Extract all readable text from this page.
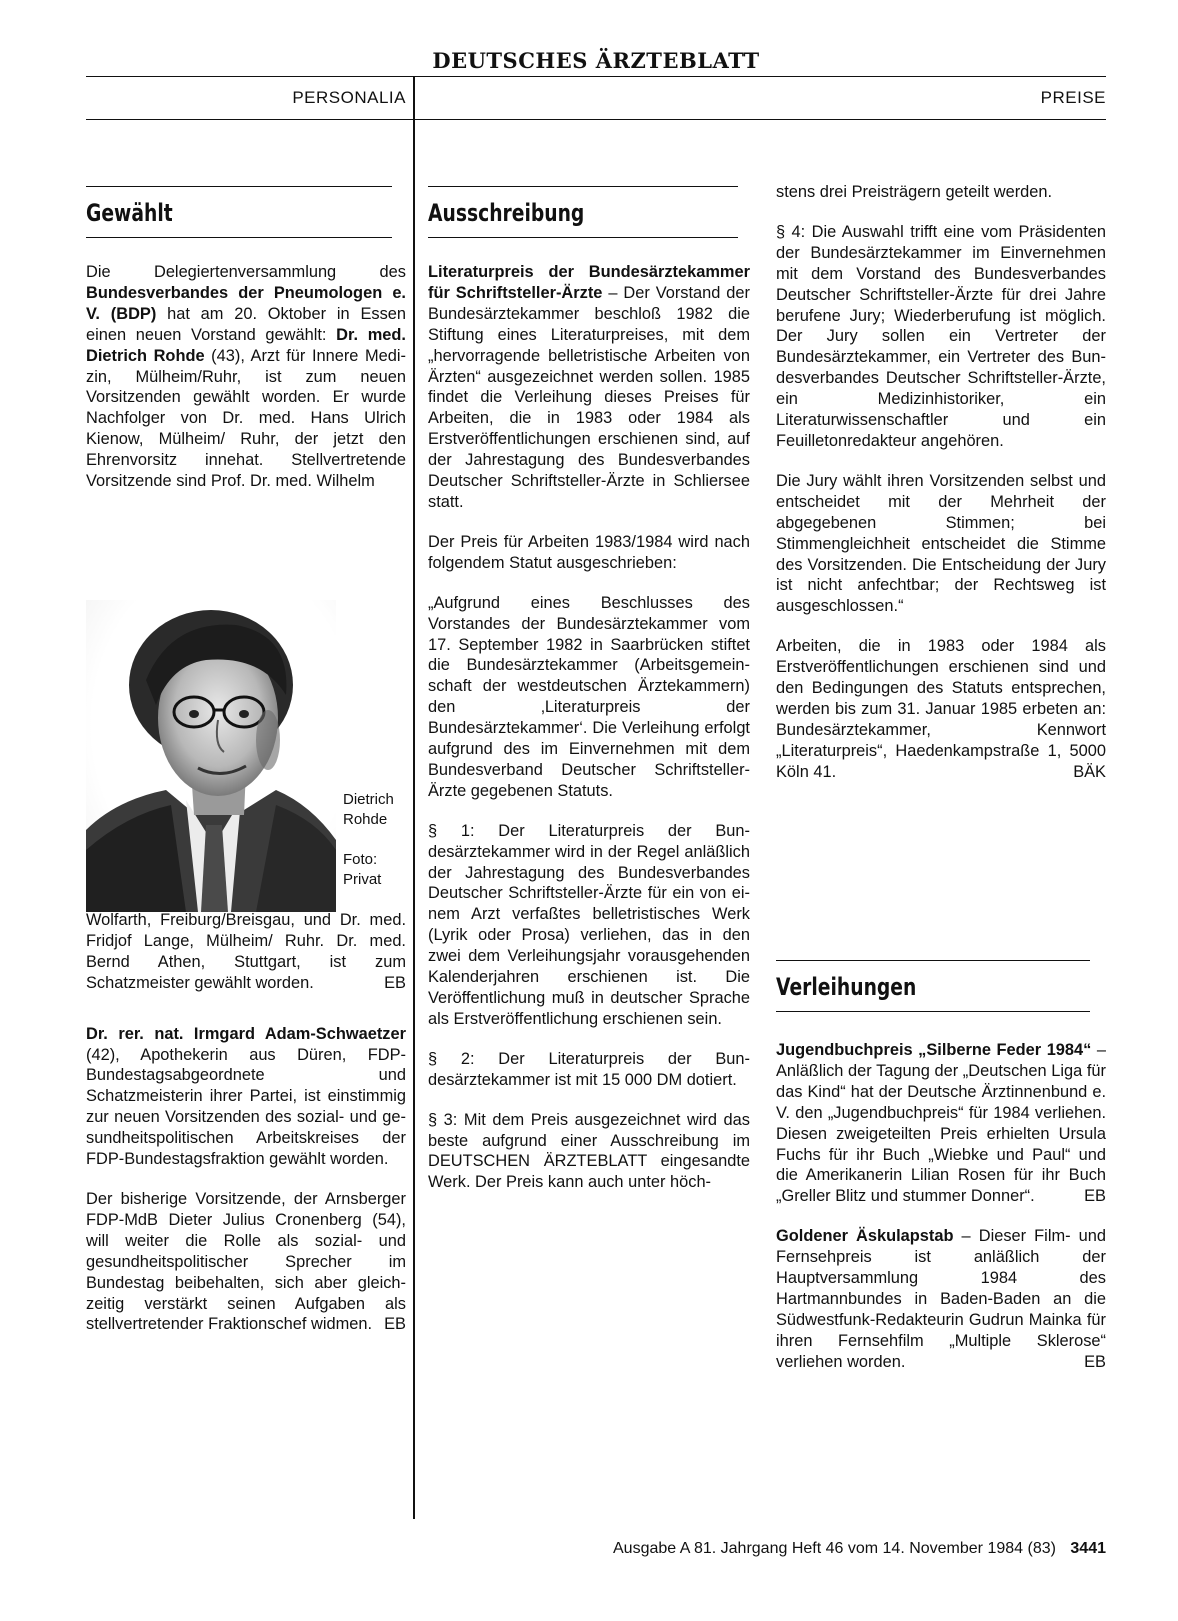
DEUTSCHES ÄRZTEBLATT
PERSONALIA	PREISE
Gewählt

Die Delegiertenversammlung des Bundesverbandes der Pneumologen e. V. (BDP) hat am 20. Oktober in Essen einen neuen Vorstand gewählt: Dr. med. Dietrich Rohde (43), Arzt für Innere Medizin, Mülheim/Ruhr, ist zum neuen Vorsitzenden gewählt worden. Er wurde Nachfolger von Dr. med. Hans Ulrich Kienow, Mülheim/ Ruhr, der jetzt den Ehrenvorsitz innehat. Stellvertretende Vorsitzende sind Prof. Dr. med. Wilhelm

Dietrich
Rohde
Foto:
Privat

Wolfarth, Freiburg/Breisgau, und Dr. med. Fridjof Lange, Mülheim/ Ruhr. Dr. med. Bernd Athen, Stuttgart, ist zum Schatzmeister gewählt worden.	EB

Dr. rer. nat. Irmgard Adam-Schwaetzer (42), Apothekerin aus Düren, FDP-Bundestagsabgeordnete und Schatzmeisterin ihrer Partei, ist einstimmig zur neuen Vorsitzenden des sozial- und gesundheitspolitischen Arbeitskreises der FDP-Bundestagsfraktion gewählt worden.

Der bisherige Vorsitzende, der Arnsberger FDP-MdB Dieter Julius Cronenberg (54), will weiter die Rolle als sozial- und gesundheitspolitischer Sprecher im Bundestag beibehalten, sich aber gleichzeitig verstärkt seinen Aufgaben als stellvertretender Fraktionschef widmen. EB

Ausschreibung

Literaturpreis der Bundesärztekammer für Schriftsteller-Ärzte – Der Vorstand der Bundesärztekammer beschloß 1982 die Stiftung eines Literaturpreises, mit dem „hervorragende belletristische Arbeiten von Ärzten“ ausgezeichnet werden sollen. 1985 findet die Verleihung dieses Preises für Arbeiten, die in 1983 oder 1984 als Erstveröffentlichungen erschienen sind, auf der Jahrestagung des Bundesverbandes Deutscher Schriftsteller-Ärzte in Schliersee statt.

Der Preis für Arbeiten 1983/1984 wird nach folgendem Statut ausgeschrieben:

„Aufgrund eines Beschlusses des Vorstandes der Bundesärztekammer vom 17. September 1982 in Saarbrücken stiftet die Bundesärztekammer (Arbeitsgemeinschaft der westdeutschen Ärztekammern) den ‚Literaturpreis der Bundesärztekammer‘. Die Verleihung erfolgt aufgrund des im Einvernehmen mit dem Bundesverband Deutscher Schriftsteller-Ärzte gegebenen Statuts.

§ 1: Der Literaturpreis der Bundesärztekammer wird in der Regel anläßlich der Jahrestagung des Bundesverbandes Deutscher Schriftsteller-Ärzte für ein von einem Arzt verfaßtes belletristisches Werk (Lyrik oder Prosa) verliehen, das in den zwei dem Verleihungsjahr vorausgehenden Kalenderjahren erschienen ist. Die Veröffentlichung muß in deutscher Sprache als Erstveröffentlichung erschienen sein.

§ 2: Der Literaturpreis der Bundesärztekammer ist mit 15 000 DM dotiert.

§ 3: Mit dem Preis ausgezeichnet wird das beste aufgrund einer Ausschreibung im DEUTSCHEN ÄRZTEBLATT eingesandte Werk. Der Preis kann auch unter höch-

stens drei Preisträgern geteilt werden.

§ 4: Die Auswahl trifft eine vom Präsidenten der Bundesärztekammer im Einvernehmen mit dem Vorstand des Bundesverbandes Deutscher Schriftsteller-Ärzte für drei Jahre berufene Jury; Wiederberufung ist möglich. Der Jury sollen ein Vertreter der Bundesärztekammer, ein Vertreter des Bundesverbandes Deutscher Schriftsteller-Ärzte, ein Medizinhistoriker, ein Literaturwissenschaftler und ein Feuilletonredakteur angehören.

Die Jury wählt ihren Vorsitzenden selbst und entscheidet mit der Mehrheit der abgegebenen Stimmen; bei Stimmengleichheit entscheidet die Stimme des Vorsitzenden. Die Entscheidung der Jury ist nicht anfechtbar; der Rechtsweg ist ausgeschlossen.“

Arbeiten, die in 1983 oder 1984 als Erstveröffentlichungen erschienen sind und den Bedingungen des Statuts entsprechen, werden bis zum 31. Januar 1985 erbeten an: Bundesärztekammer, Kennwort „Literaturpreis“, Haedenkampstraße 1, 5000 Köln 41.	BÄK

Verleihungen

Jugendbuchpreis „Silberne Feder 1984“ – Anläßlich der Tagung der „Deutschen Liga für das Kind“ hat der Deutsche Ärztinnenbund e. V. den „Jugendbuchpreis“ für 1984 verliehen. Diesen zweigeteilten Preis erhielten Ursula Fuchs für ihr Buch „Wiebke und Paul“ und die Amerikanerin Lilian Rosen für ihr Buch „Greller Blitz und stummer Donner“.	EB

Goldener Äskulapstab – Dieser Film- und Fernsehpreis ist anläßlich der Hauptversammlung 1984 des Hartmannbundes in Baden-Baden an die Südwestfunk-Redakteurin Gudrun Mainka für ihren Fernsehfilm „Multiple Sklerose“ verliehen worden.	EB

Ausgabe A 81. Jahrgang Heft 46 vom 14. November 1984 (83) 3441
